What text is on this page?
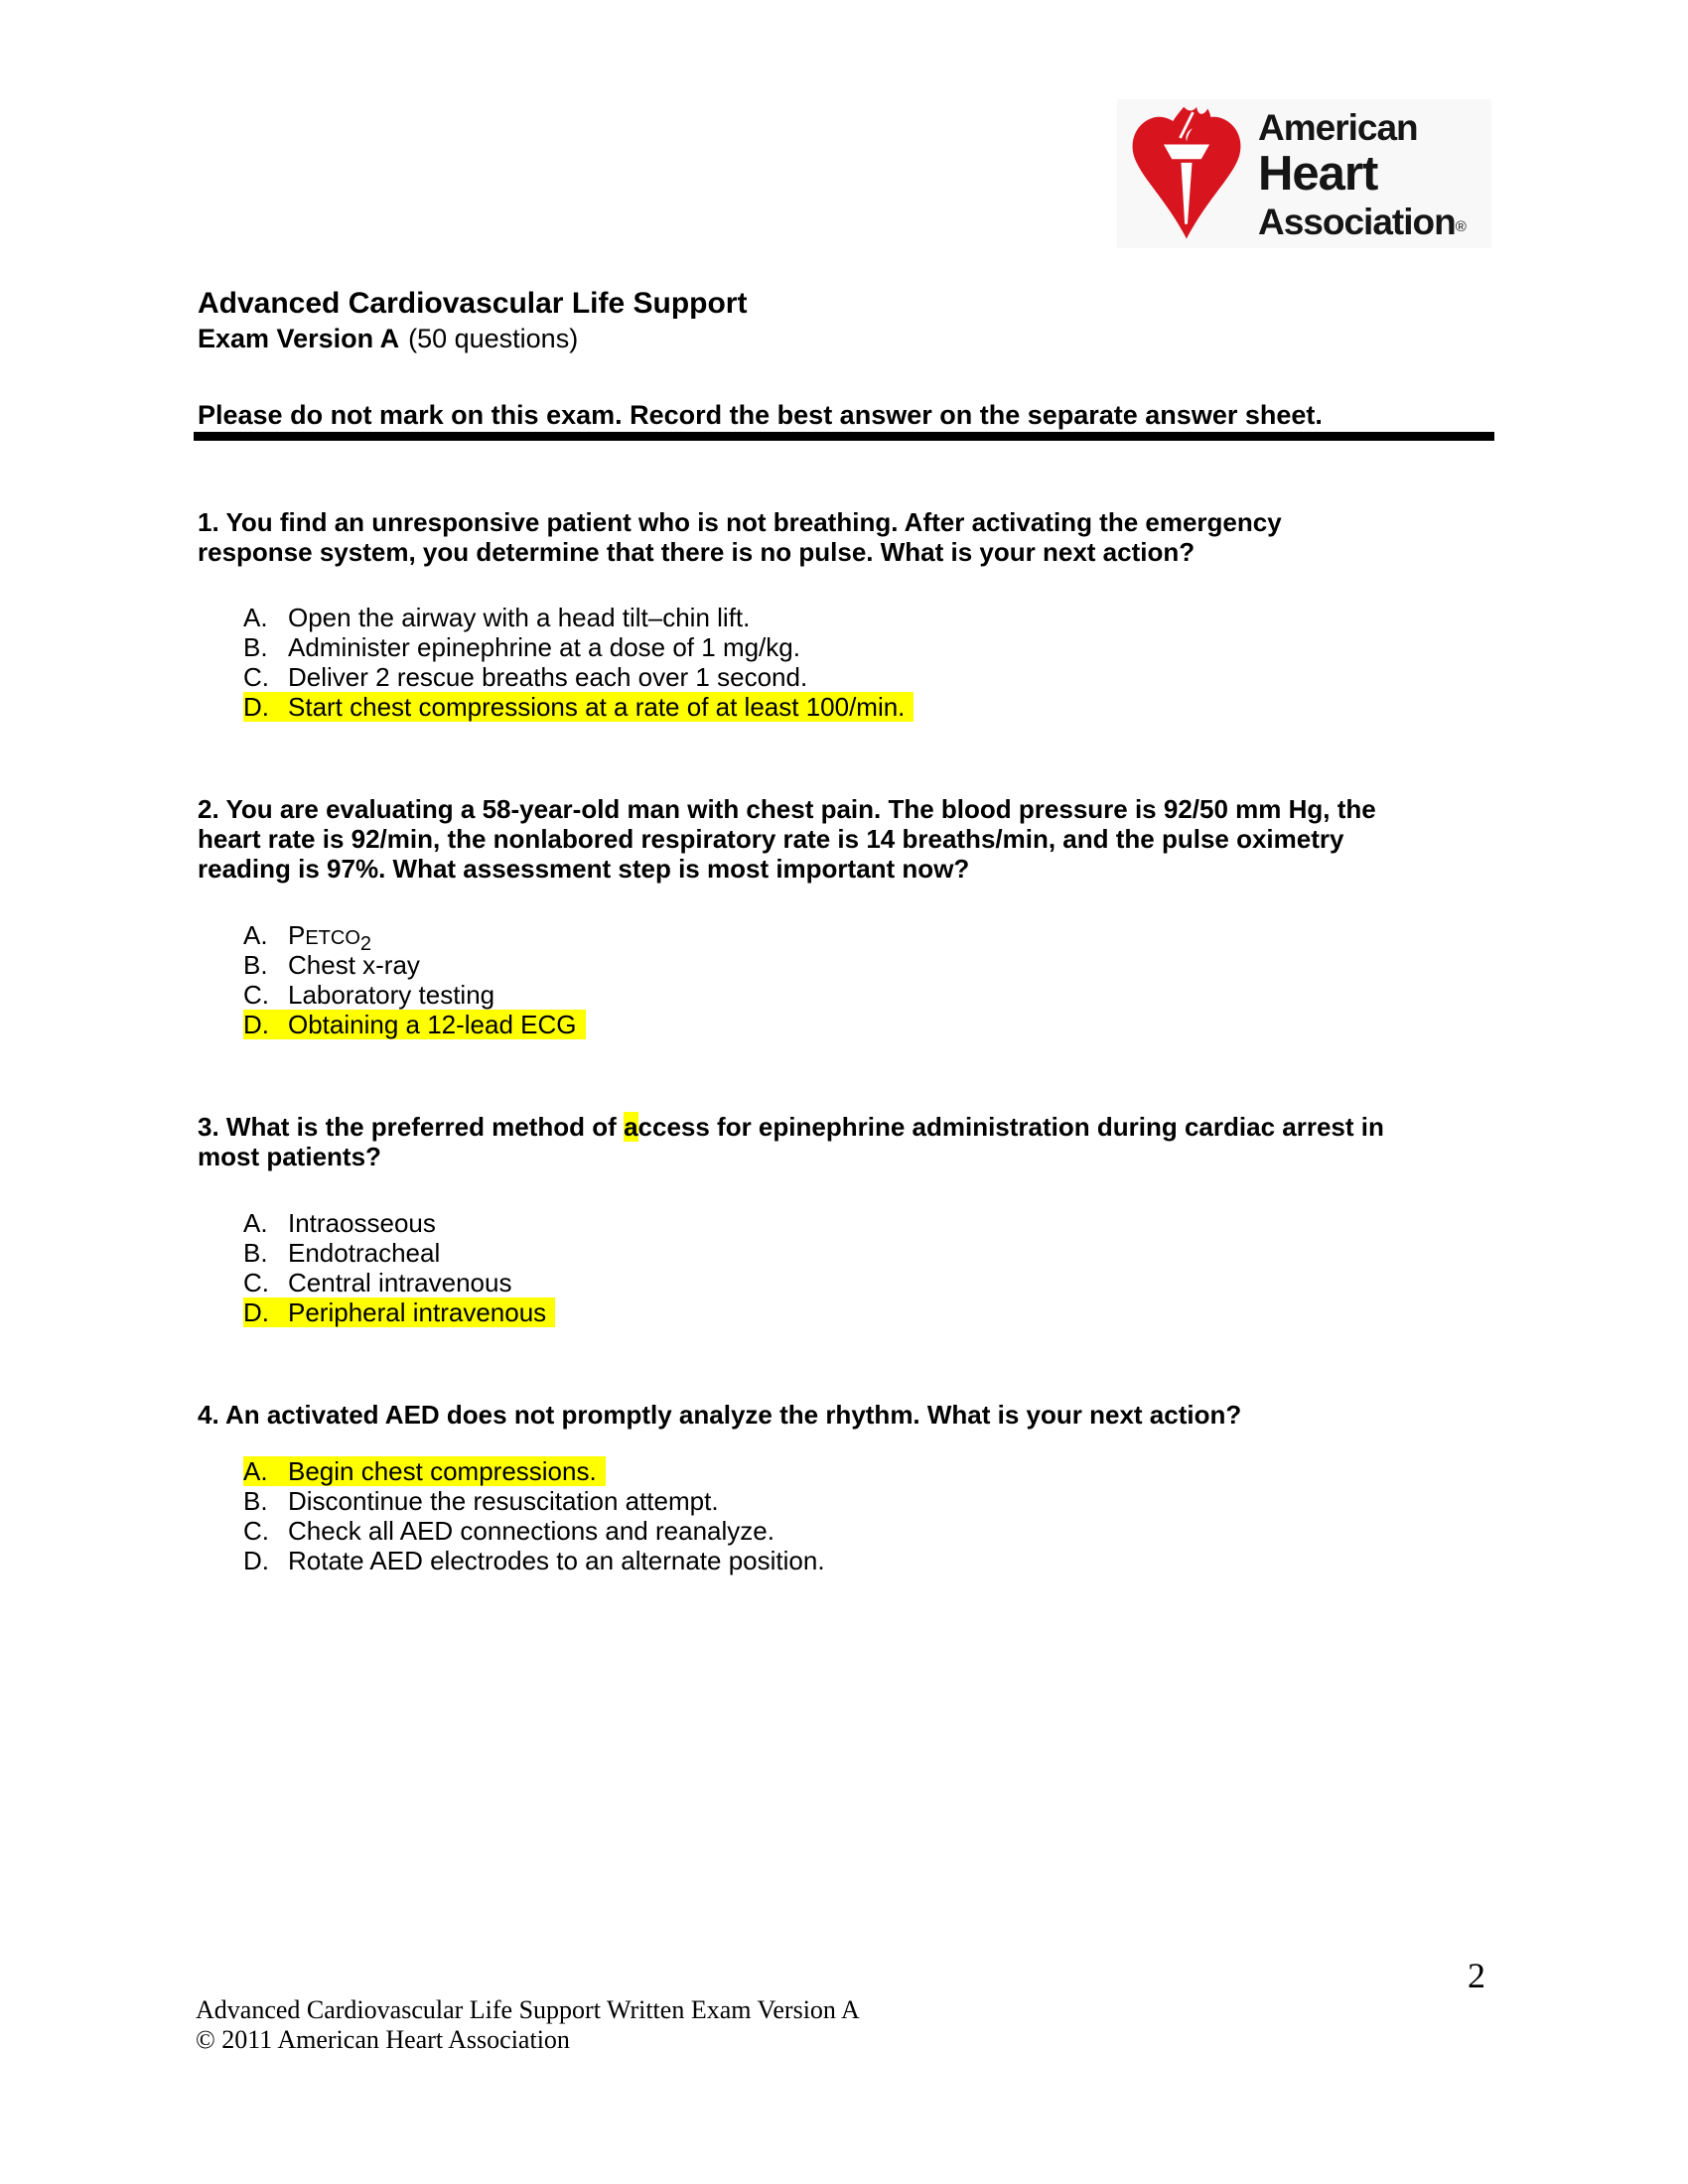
American
Heart
Association®
Advanced Cardiovascular Life Support
Exam Version A (50 questions)
Please do not mark on this exam. Record the best answer on the separate answer sheet.
1. You find an unresponsive patient who is not breathing. After activating the emergency
response system, you determine that there is no pulse. What is your next action?
A. Open the airway with a head tilt–chin lift.
B. Administer epinephrine at a dose of 1 mg/kg.
C. Deliver 2 rescue breaths each over 1 second.
D. Start chest compressions at a rate of at least 100/min.
2. You are evaluating a 58-year-old man with chest pain. The blood pressure is 92/50 mm Hg, the
heart rate is 92/min, the nonlabored respiratory rate is 14 breaths/min, and the pulse oximetry
reading is 97%. What assessment step is most important now?
A. $PETCO_2$
B. Chest x-ray
C. Laboratory testing
D. Obtaining a 12-lead ECG
3. What is the preferred method of access for epinephrine administration during cardiac arrest in
most patients?
A. Intraosseous
B. Endotracheal
C. Central intravenous
D. Peripheral intravenous
4. An activated AED does not promptly analyze the rhythm. What is your next action?
A. Begin chest compressions.
B. Discontinue the resuscitation attempt.
C. Check all AED connections and reanalyze.
D. Rotate AED electrodes to an alternate position.
2
Advanced Cardiovascular Life Support Written Exam Version A
© 2011 American Heart Association
